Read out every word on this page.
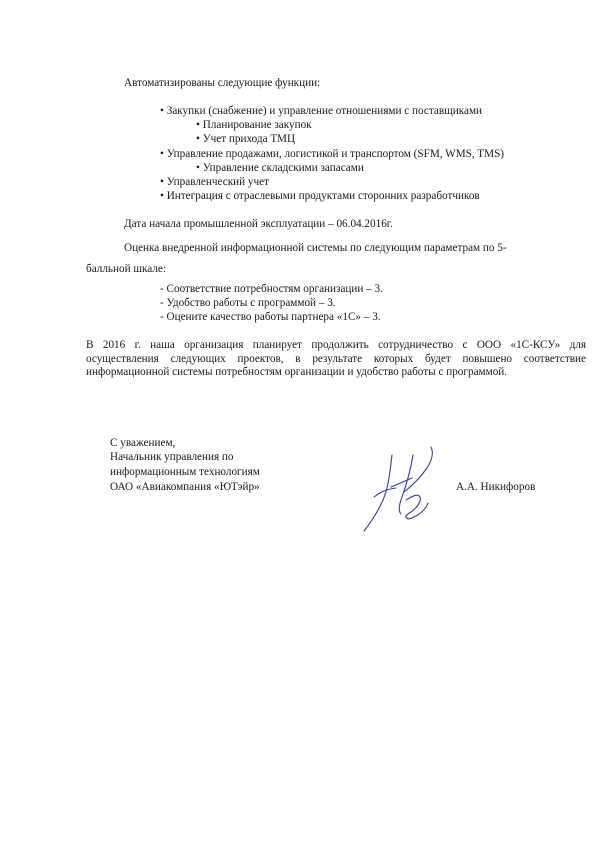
Автоматизированы следующие функции:
• Закупки (снабжение) и управление отношениями с поставщиками
• Планирование закупок
• Учет прихода ТМЦ
• Управление продажами, логистикой и транспортом (SFM, WMS, TMS)
• Управление складскими запасами
• Управленческий учет
• Интеграция с отраслевыми продуктами сторонних разработчиков
Дата начала промышленной эксплуатации – 06.04.2016г.
Оценка внедренной информационной системы по следующим параметрам по 5-
балльной шкале:
- Соответствие потребностям организации – 3.
- Удобство работы с программой – 3.
- Оцените качество работы партнера «1С» – 3.
В 2016 г. наша организация планирует продолжить сотрудничество с ООО «1С-КСУ» для осуществления следующих проектов, в результате которых будет повышено соответствие информационной системы потребностям организации и удобство работы с программой.
С уважением,
Начальник управления по
информационным технологиям
ОАО «Авиакомпания «ЮТэйр»	А.А. Никифоров
